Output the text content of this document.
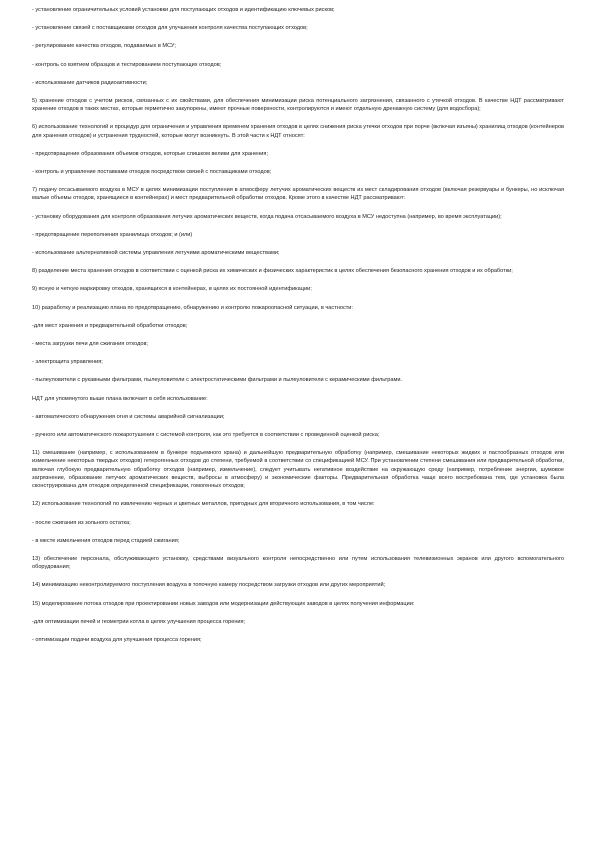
- установление ограничительных условий установки для поступающих отходов и идентификацию ключевых рисков;

- установление связей с поставщиками отходов для улучшения контроля качества поступающих отходов;

- регулирование качества отходов, подаваемых в МСУ;

- контроль со взятием образцов и тестированием поступающих отходов;

- использование датчиков радиоактивности;

5) хранение отходов с учетом рисков, связанных с их свойствами, для обеспечения минимизации риска потенциального загрязнения, связанного с утечкой отходов. В качестве НДТ рассматривают хранение отходов в таких местах, которые герметично закупорены, имеют прочные поверхности, контролируются и имеют отдельную дренажную систему (для водосбора);

6) использование технологий и процедур для ограничения и управления временем хранения отходов в целях снижения риска утечки отходов при порче (включая изъяны) хранилищ отходов (контейнеров для хранения отходов) и устранения трудностей, которые могут возникнуть. В этой части к НДТ относят:

- предотвращение образования объемов отходов, которые слишком велики для хранения;

- контроль и управление поставками отходов посредством связей с поставщиками отходов;

7) подачу отсасываемого воздуха в МСУ в целях минимизации поступления в атмосферу летучих ароматических веществ из мест складирования отходов (включая резервуары и бункеры, но исключая малые объемы отходов, хранящиеся в контейнерах) и мест предварительной обработки отходов. Кроме этого в качестве НДТ рассматривают:

- установку оборудования для контроля образования летучих ароматических веществ, когда подача отсасываемого воздуха в МСУ недоступна (например, во время эксплуатации);

- предотвращение переполнения хранилища отходов; и (или)

- использование альтернативной системы управления летучими ароматическими веществами;

8) разделение места хранения отходов в соответствии с оценкой риска их химических и физических характеристик в целях обеспечения безопасного хранения отходов и их обработки;

9) ясную и четкую маркировку отходов, хранящихся в контейнерах, в целях их постоянной идентификации;

10) разработку и реализацию плана по предотвращению, обнаружению и контролю пожароопасной ситуации, в частности:

-для мест хранения и предварительной обработки отходов;

- места загрузки печи для сжигания отходов;

- электрощита управления;

- пылеуловители с рукавными фильтрами, пылеуловители с электростатическими фильтрами и пылеуловители с керамическими фильтрами.

НДТ для упомянутого выше плана включает в себя использование:

- автоматического обнаружения огня и системы аварийной сигнализации;

- ручного или автоматического пожаротушения с системой контроля, как это требуется в соответствии с проведенной оценкой риска;

11) смешивание (например, с использованием в бункере подъемного крана) и дальнейшую предварительную обработку (например, смешивание некоторых жидких и пастообразных отходов или измельчение некоторых твердых отходов) гетерогенных отходов до степени, требуемой в соответствии со спецификацией МСУ. При установлении степени смешивания или предварительной обработки, включая глубокую предварительную обработку отходов (например, измельчение), следует учитывать негативное воздействие на окружающую среду (например, потребление энергии, шумовое загрязнение, образование летучих ароматических веществ, выбросы в атмосферу) и экономические факторы. Предварительная обработка чаще всего востребована тем, где установка была сконструирована для отходов определенной спецификации, гомогенных отходов;

12) использование технологий по извлечению черных и цветных металлов, пригодных для вторичного использования, в том числе:

- после сжигания из зольного остатка;

- в месте измельчения отходов перед стадией сжигания;

13) обеспечение персонала, обслуживающего установку, средствами визуального контроля непосредственно или путем использования телевизионных экранов или другого вспомогательного оборудования;

14) минимизацию неконтролируемого поступления воздуха в топочную камеру посредством загрузки отходов или других мероприятий;

15) моделирование потока отходов при проектировании новых заводов или модернизации действующих заводов в целях получения информации:

-для оптимизации печей и геометрии котла в целях улучшения процесса горения;

- оптимизации подачи воздуха для улучшения процесса горения;
